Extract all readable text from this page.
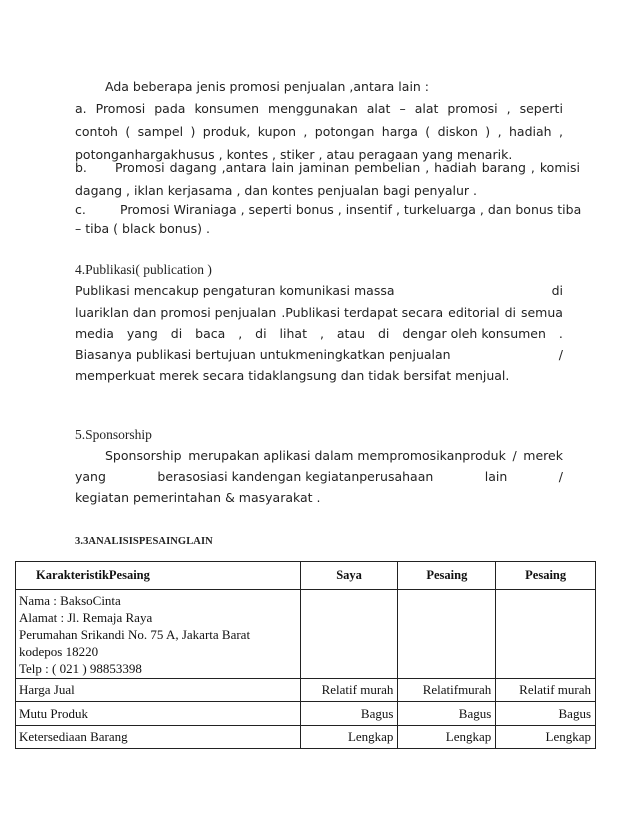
Ada beberapa jenis promosi penjualan ,antara lain :
a. Promosi pada konsumen menggunakan alat – alat promosi , seperti
contoh ( sampel ) produk, kupon , potongan harga ( diskon ) , hadiah ,
potonganhargakhusus , kontes , stiker , atau peragaan yang menarik.
b. Promosi dagang ,antara lain jaminan pembelian , hadiah barang , komisi
dagang , iklan kerjasama , dan kontes penjualan bagi penyalur .
c.	Promosi Wiraniaga , seperti bonus , insentif , turkeluarga , dan bonus tiba
– tiba ( black bonus) .
4.Publikasi( publication )
Publikasi mencakup pengaturan komunikasi massa	di
luariklan dan promosi penjualan .Publikasi terdapat secara editorial di semua
media yang di baca , di lihat , atau di dengar oleh konsumen .
Biasanya publikasi bertujuan untukmeningkatkan penjualan	/
memperkuat merek secara tidaklangsung dan tidak bersifat menjual.
5.Sponsorship
Sponsorship merupakan aplikasi dalam mempromosikanproduk / merek
yang	berasosiasi kandengan kegiatanperusahaan	lain	/
kegiatan pemerintahan & masyarakat .
3.3ANALISISPESAINGLAIN
KarakteristikPesaing	Saya	Pesaing	Pesaing

Nama : BaksoCinta
Alamat : Jl. Remaja Raya
Perumahan Srikandi No. 75 A, Jakarta Barat
kodepos 18220
Telp : ( 021 ) 98853398			

Harga Jual	Relatif murah	Relatifmurah	Relatif murah
Mutu Produk	Bagus	Bagus	Bagus
Ketersediaan Barang	Lengkap	Lengkap	Lengkap
